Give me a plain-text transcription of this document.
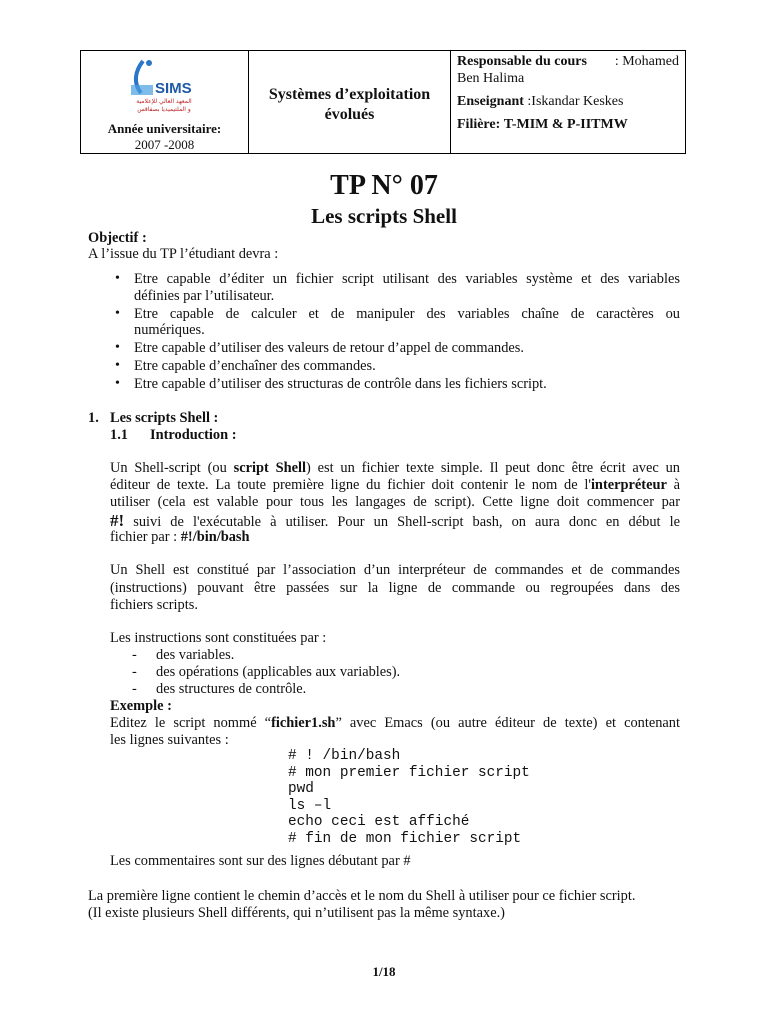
SIMS
المعهد العالي للإعلامية
و الملتيميديا بصفاقس
Année universitaire:
2007 -2008
Systèmes d’exploitation
évolués
Responsable du cours : Mohamed

Ben Halima
Enseignant :Iskandar Keskes
Filière: T-MIM & P-IITMW
TP N° 07
Les scripts Shell
Objectif :
A l’issue du TP l’étudiant devra :
• Etre capable d’éditer un fichier script utilisant des variables système et des variables
définies par l’utilisateur.
• Etre capable de calculer et de manipuler des variables chaîne de caractères ou
numériques.
• Etre capable d’utiliser des valeurs de retour d’appel de commandes.
• Etre capable d’enchaîner des commandes.
• Etre capable d’utiliser des structuras de contrôle dans les fichiers script.
1. Les scripts Shell :
1.1 Introduction :
Un Shell-script (ou script Shell) est un fichier texte simple. Il peut donc être écrit avec un
éditeur de texte. La toute première ligne du fichier doit contenir le nom de l'interpréteur à
utiliser (cela est valable pour tous les langages de script). Cette ligne doit commencer par
#! suivi de l'exécutable à utiliser. Pour un Shell-script bash, on aura donc en début le
fichier par : #!/bin/bash
Un Shell est constitué par l’association d’un interpréteur de commandes et de commandes
(instructions) pouvant être passées sur la ligne de commande ou regroupées dans des
fichiers scripts.
Les instructions sont constituées par :
- des variables.
- des opérations (applicables aux variables).
- des structures de contrôle.
Exemple :
Editez le script nommé “fichier1.sh” avec Emacs (ou autre éditeur de texte) et contenant
les lignes suivantes :
# ! /bin/bash
# mon premier fichier script
pwd
ls –l
echo ceci est affiché
# fin de mon fichier script
Les commentaires sont sur des lignes débutant par #
La première ligne contient le chemin d’accès et le nom du Shell à utiliser pour ce fichier script.
(Il existe plusieurs Shell différents, qui n’utilisent pas la même syntaxe.)
1/18
